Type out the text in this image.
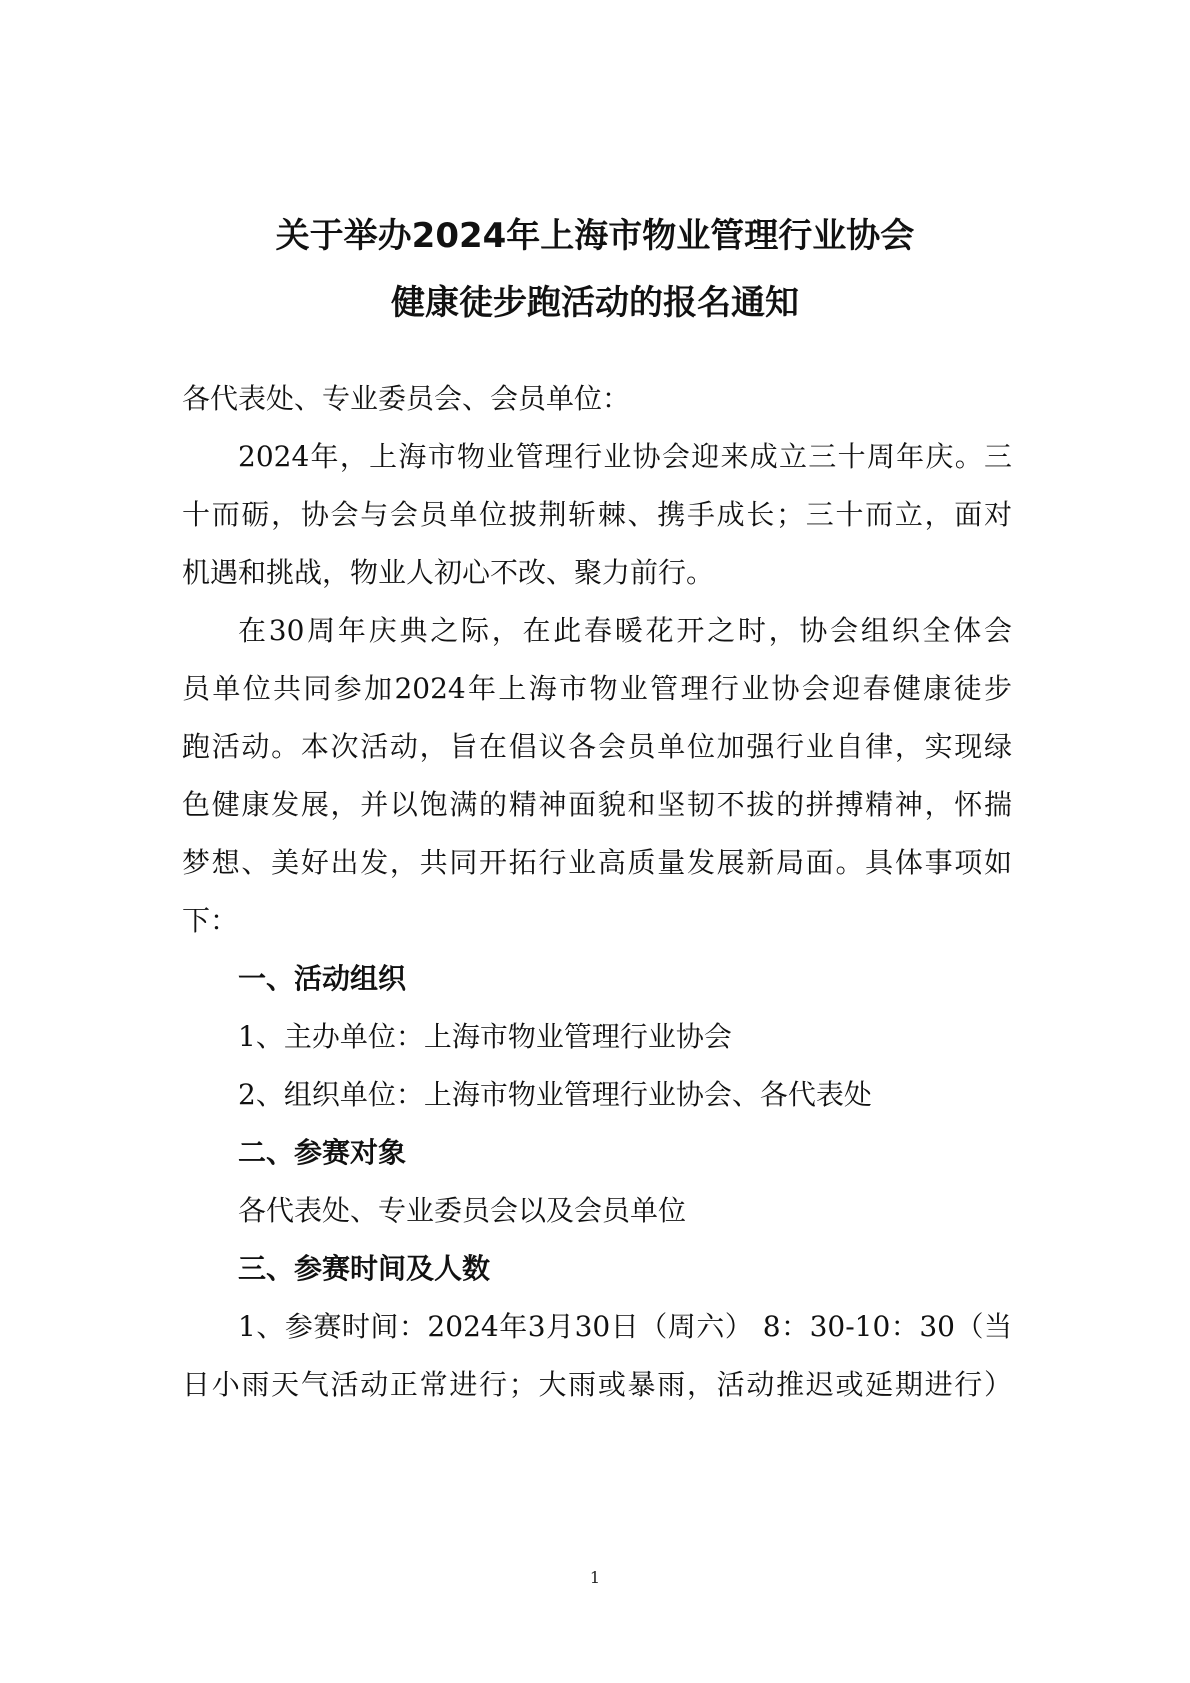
关于举办2024年上海市物业管理行业协会
健康徒步跑活动的报名通知
各代表处、专业委员会、会员单位：
2024年，上海市物业管理行业协会迎来成立三十周年庆。三
十而砺，协会与会员单位披荆斩棘、携手成长；三十而立，面对
机遇和挑战，物业人初心不改、聚力前行。
在30周年庆典之际，在此春暖花开之时，协会组织全体会
员单位共同参加2024年上海市物业管理行业协会迎春健康徒步
跑活动。本次活动，旨在倡议各会员单位加强行业自律，实现绿
色健康发展，并以饱满的精神面貌和坚韧不拔的拼搏精神，怀揣
梦想、美好出发，共同开拓行业高质量发展新局面。具体事项如
下：
一、活动组织
1、主办单位：上海市物业管理行业协会
2、组织单位：上海市物业管理行业协会、各代表处
二、参赛对象
各代表处、专业委员会以及会员单位
三、参赛时间及人数
1、参赛时间：2024年3月30日（周六） 8：30-10：30（当
日小雨天气活动正常进行；大雨或暴雨，活动推迟或延期进行）
1
